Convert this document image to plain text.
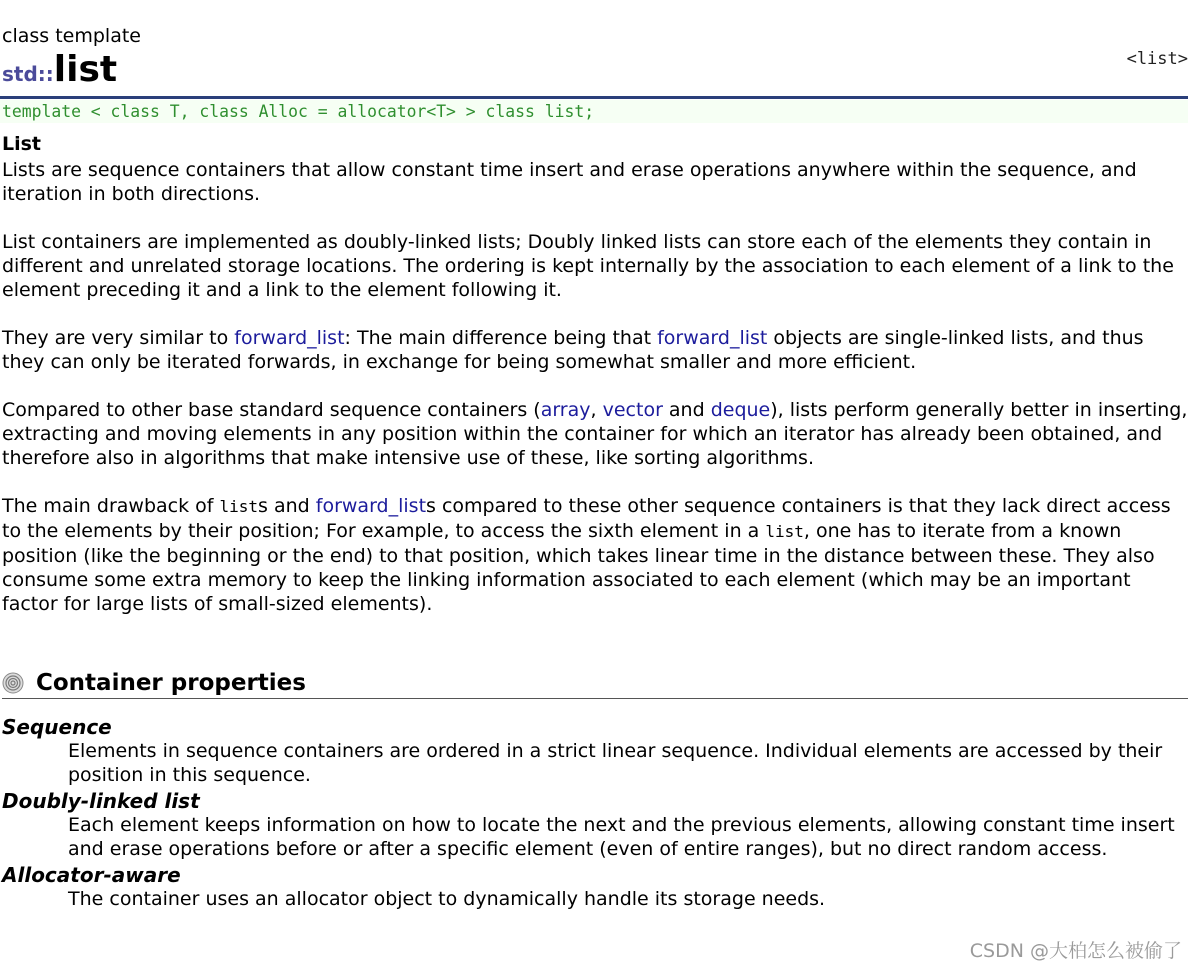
class template
std::list	<list>
template < class T, class Alloc = allocator<T> > class list;
List

Lists are sequence containers that allow constant time insert and erase operations anywhere within the sequence, and iteration in both directions.

List containers are implemented as doubly-linked lists; Doubly linked lists can store each of the elements they contain in different and unrelated storage locations. The ordering is kept internally by the association to each element of a link to the element preceding it and a link to the element following it.

They are very similar to forward_list: The main difference being that forward_list objects are single-linked lists, and thus they can only be iterated forwards, in exchange for being somewhat smaller and more efficient.

Compared to other base standard sequence containers (array, vector and deque), lists perform generally better in inserting, extracting and moving elements in any position within the container for which an iterator has already been obtained, and therefore also in algorithms that make intensive use of these, like sorting algorithms.

The main drawback of lists and forward_lists compared to these other sequence containers is that they lack direct access to the elements by their position; For example, to access the sixth element in a list, one has to iterate from a known position (like the beginning or the end) to that position, which takes linear time in the distance between these. They also consume some extra memory to keep the linking information associated to each element (which may be an important factor for large lists of small-sized elements).

Container properties
Sequence
Elements in sequence containers are ordered in a strict linear sequence. Individual elements are accessed by their position in this sequence.
Doubly-linked list
Each element keeps information on how to locate the next and the previous elements, allowing constant time insert and erase operations before or after a specific element (even of entire ranges), but no direct random access.
Allocator-aware
The container uses an allocator object to dynamically handle its storage needs.
CSDN @大柏怎么被偷了
